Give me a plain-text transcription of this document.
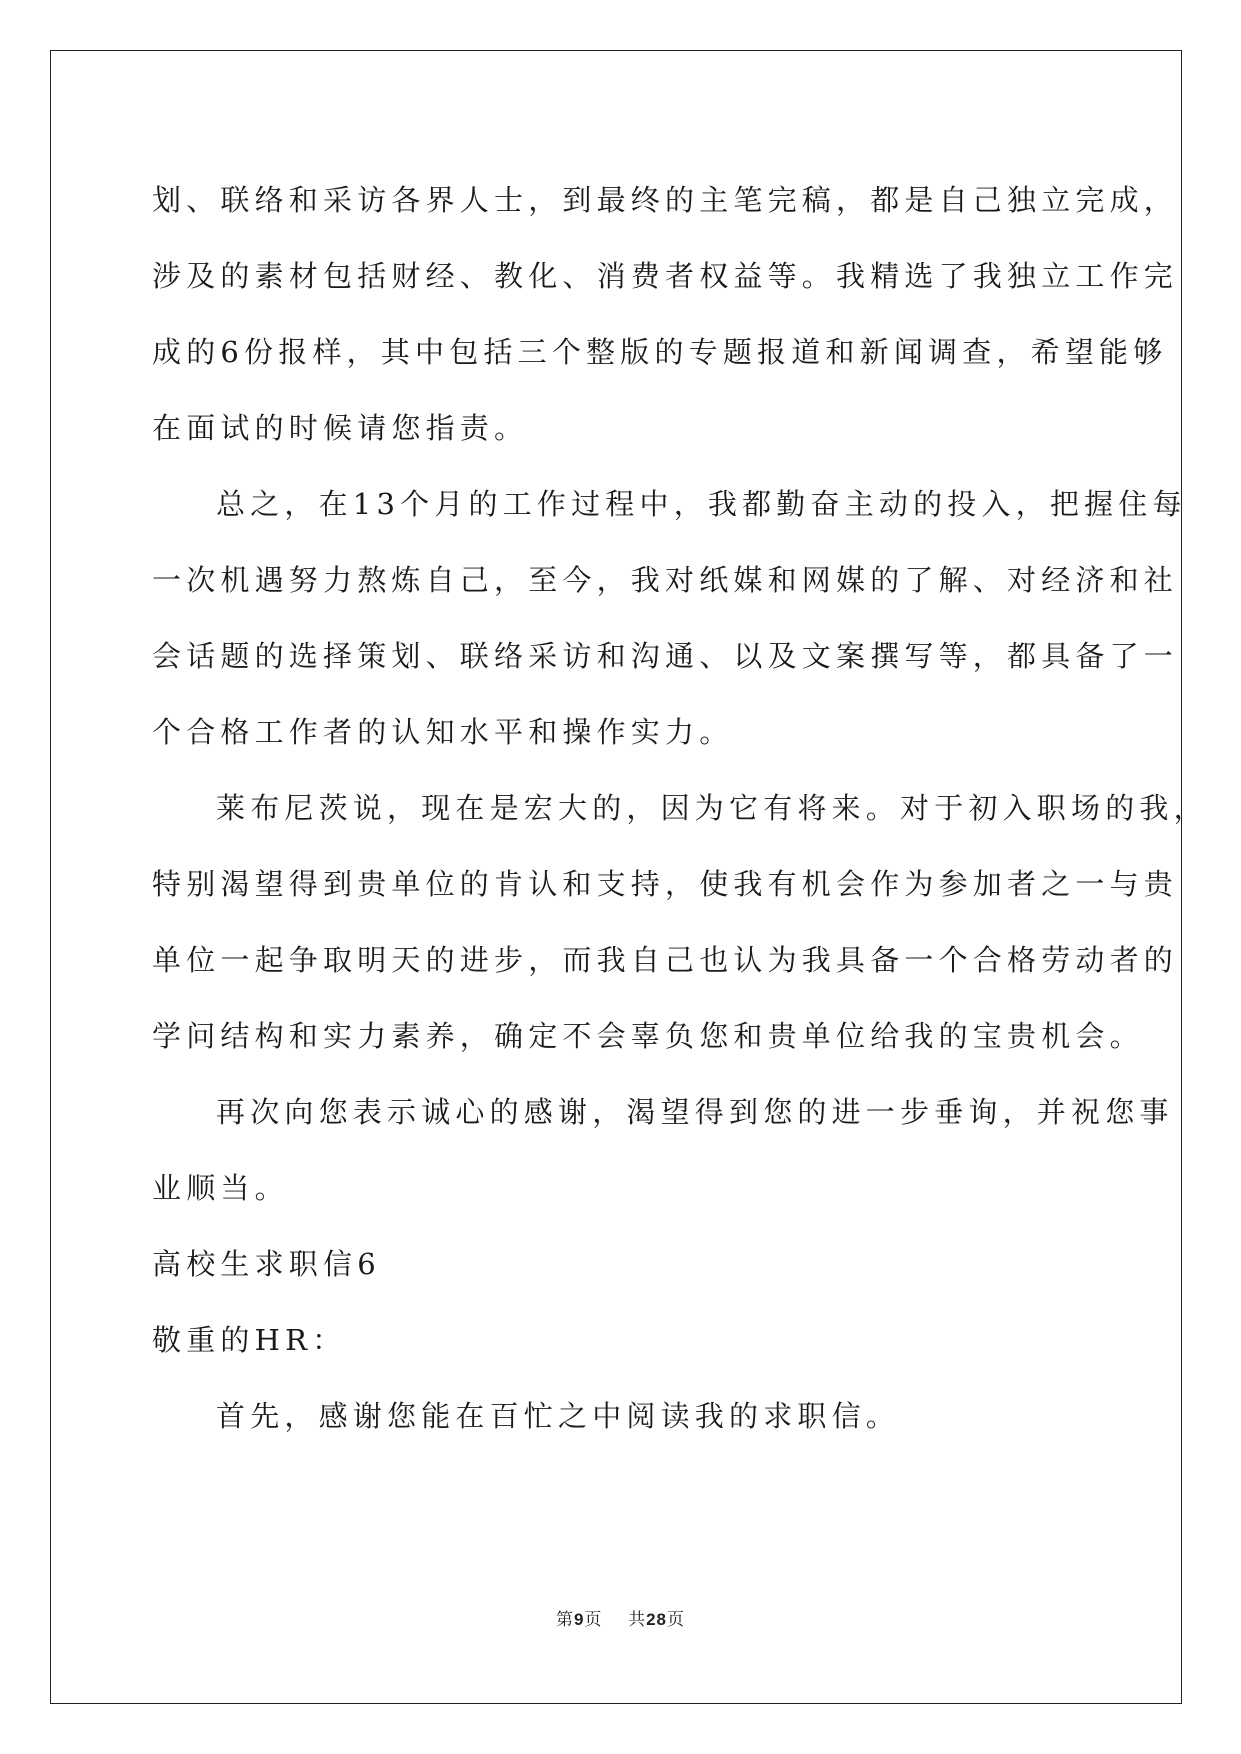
划、联络和采访各界人士，到最终的主笔完稿，都是自己独立完成，
涉及的素材包括财经、教化、消费者权益等。我精选了我独立工作完
成的6份报样，其中包括三个整版的专题报道和新闻调查，希望能够
在面试的时候请您指责。
总之，在13个月的工作过程中，我都勤奋主动的投入，把握住每
一次机遇努力熬炼自己，至今，我对纸媒和网媒的了解、对经济和社
会话题的选择策划、联络采访和沟通、以及文案撰写等，都具备了一
个合格工作者的认知水平和操作实力。
莱布尼茨说，现在是宏大的，因为它有将来。对于初入职场的我，
特别渴望得到贵单位的肯认和支持，使我有机会作为参加者之一与贵
单位一起争取明天的进步，而我自己也认为我具备一个合格劳动者的
学问结构和实力素养，确定不会辜负您和贵单位给我的宝贵机会。
再次向您表示诚心的感谢，渴望得到您的进一步垂询，并祝您事
业顺当。
高校生求职信6
敬重的HR：
首先，感谢您能在百忙之中阅读我的求职信。
第9页 共28页
